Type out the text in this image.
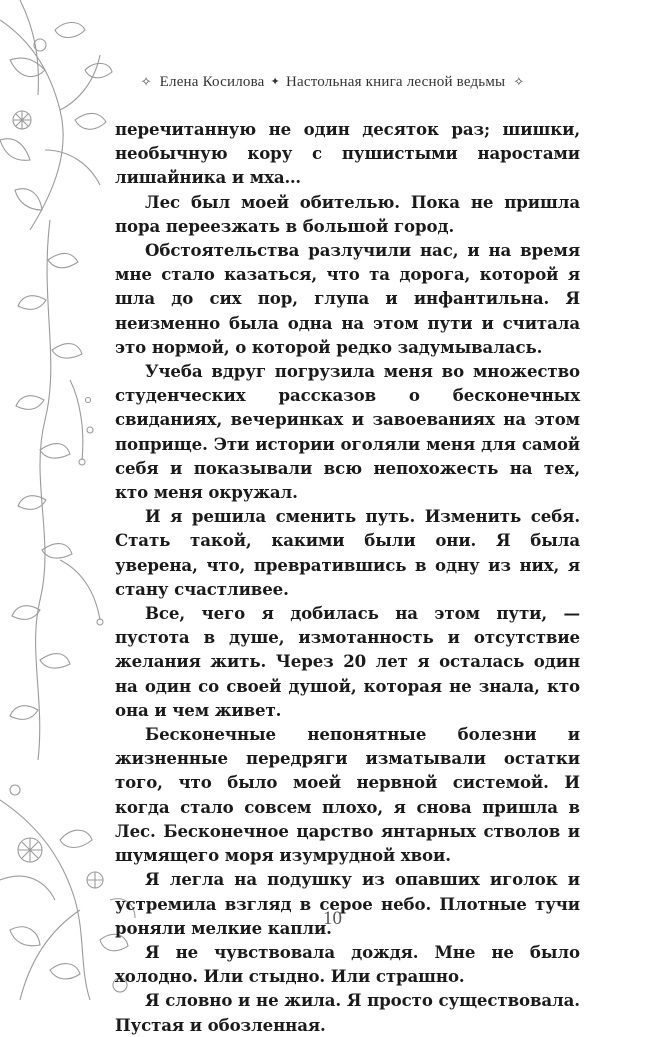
✧ Елена Косилова ✦ Настольная книга лесной ведьмы ✧

перечитанную не один десяток раз; шишки, необычную кору с пушистыми наростами лишайника и мха…

Лес был моей обителью. Пока не пришла пора переезжать в большой город.

Обстоятельства разлучили нас, и на время мне стало казаться, что та дорога, которой я шла до сих пор, глупа и инфантильна. Я неизменно была одна на этом пути и считала это нормой, о которой редко задумывалась.

Учеба вдруг погрузила меня во множество студенческих рассказов о бесконечных свиданиях, вечеринках и завоеваниях на этом поприще. Эти истории оголяли меня для самой себя и показывали всю непохожесть на тех, кто меня окружал.

И я решила сменить путь. Изменить себя. Стать такой, какими были они. Я была уверена, что, превратившись в одну из них, я стану счастливее.

Все, чего я добилась на этом пути, — пустота в душе, измотанность и отсутствие желания жить. Через 20 лет я осталась один на один со своей душой, которая не знала, кто она и чем живет.

Бесконечные непонятные болезни и жизненные передряги изматывали остатки того, что было моей нервной системой. И когда стало совсем плохо, я снова пришла в Лес. Бесконечное царство янтарных стволов и шумящего моря изумрудной хвои.

Я легла на подушку из опавших иголок и устремила взгляд в серое небо. Плотные тучи роняли мелкие капли.

Я не чувствовала дождя. Мне не было холодно. Или стыдно. Или страшно.

Я словно и не жила. Я просто существовала. Пустая и обозленная.

10
